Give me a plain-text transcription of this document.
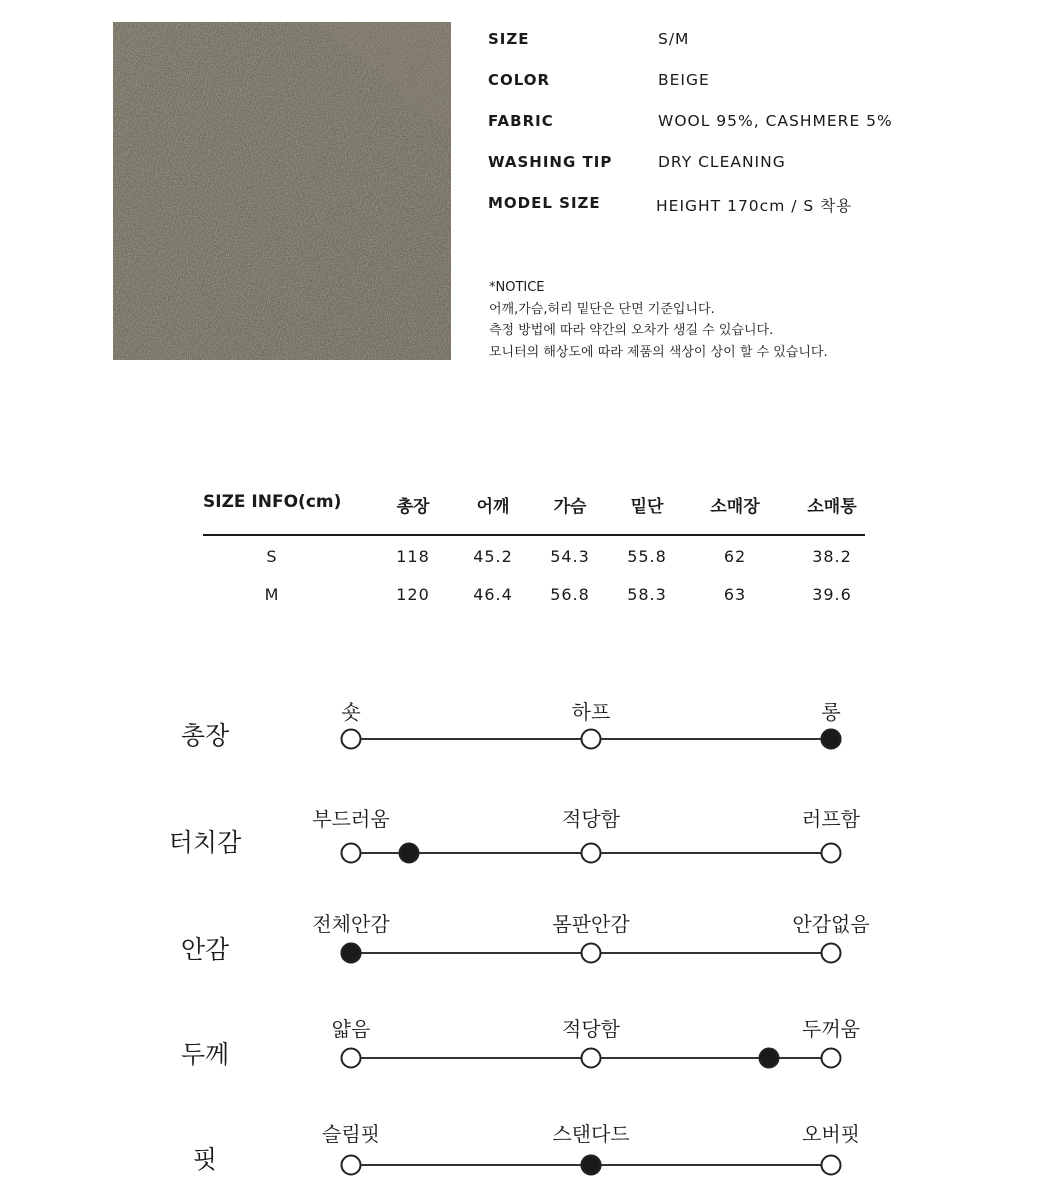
SIZE	S/M
COLOR	BEIGE
FABRIC	WOOL 95%, CASHMERE 5%
WASHING TIP	DRY CLEANING
MODEL SIZE	HEIGHT 170cm / S 착용
*NOTICE
어깨,가슴,허리 밑단은 단면 기준입니다.
측정 방법에 따라 약간의 오차가 생길 수 있습니다.
모니터의 해상도에 따라 제품의 색상이 상이 할 수 있습니다.
SIZE INFO(cm)	총장	어깨	가슴	밑단	소매장	소매통
S	118	45.2 54.3 55.8	62	38.2
M	120	46.4 56.8 58.3	63	39.6
총장
숏	하프	롱
터치감
부드러움	적당함	러프함
안감
전체안감	몸판안감	안감없음
두께
얇음	적당함	두꺼움
핏
슬림핏	스탠다드	오버핏
